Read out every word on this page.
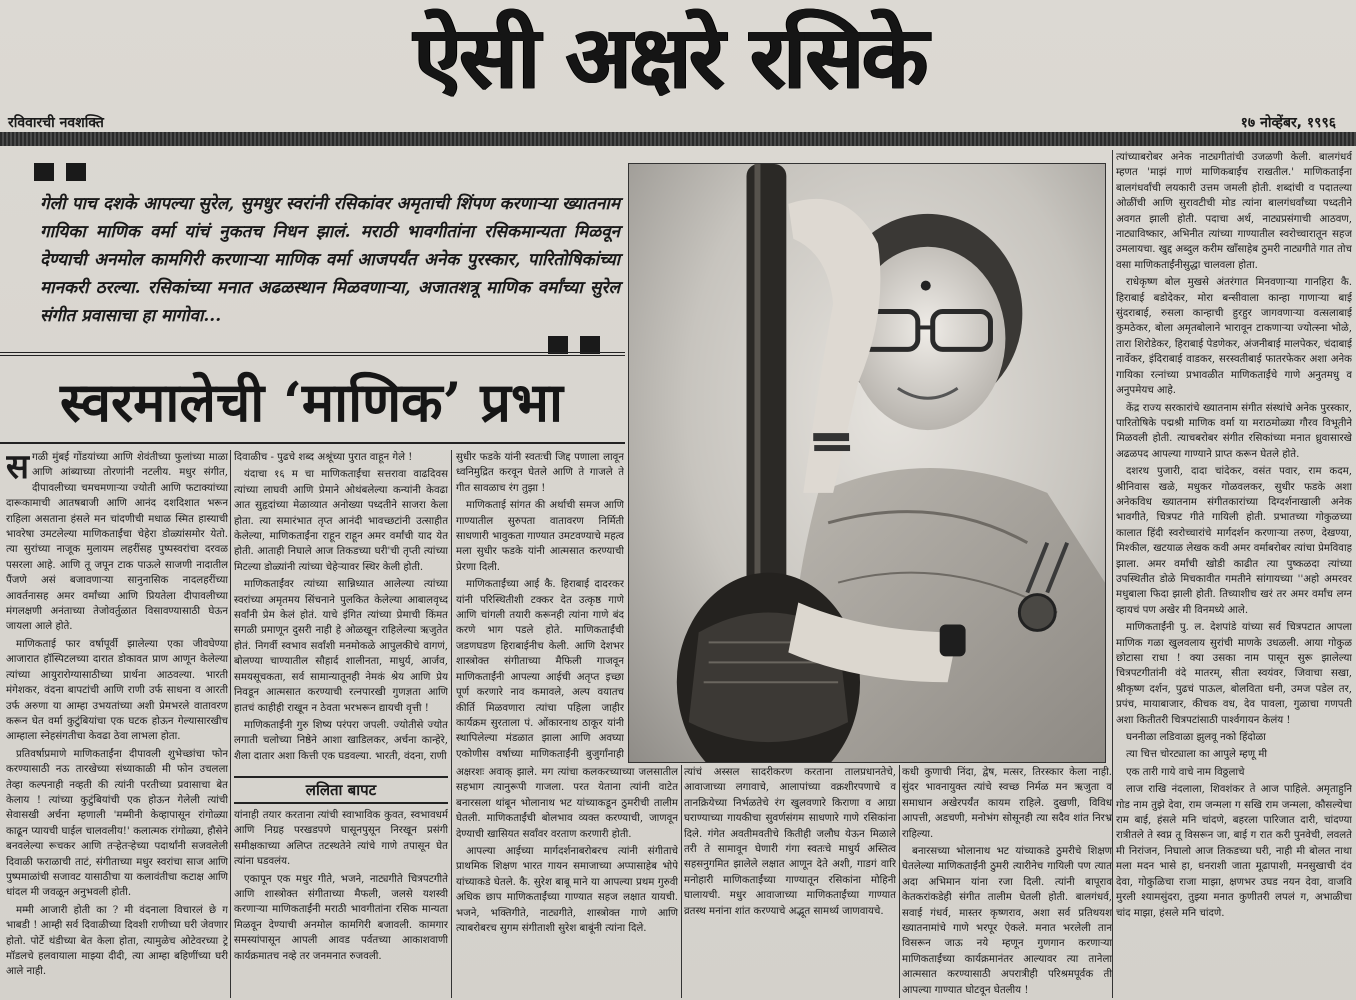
ऐसी अक्षरे रसिके
रविवारची नवशक्ति	१७ नोव्हेंबर, १९९६
गेली पाच दशके आपल्या सुरेल, सुमधुर स्वरांनी रसिकांवर अमृताची शिंपण करणाऱ्या ख्यातनाम गायिका माणिक वर्मा यांचं नुकतच निधन झालं. मराठी भावगीतांना रसिकमान्यता मिळवून देण्याची अनमोल कामगिरी करणाऱ्या माणिक वर्मा आजपर्यंत अनेक पुरस्कार, पारितोषिकांच्या मानकरी ठरल्या. रसिकांच्या मनात अढळस्थान मिळवणाऱ्या, अजातशत्रू माणिक वर्मांच्या सुरेल संगीत प्रवासाचा हा मागोवा...
स्वरमालेची ‘माणिक’ प्रभा
स गळी मुंबई गोंडयांच्या आणि शेवंतीच्या फुलांच्या माळा आणि आंब्याच्या तोरणांनी नटलीय. मधुर संगीत, दीपावलीच्या चमचमणाऱ्या ज्योती आणि फटाक्यांच्या दारूकामाची आतषबाजी आणि आनंद दशदिशात भरून राहिला असताना हंसले मन चांदणीची मधाळ स्मित हास्याची भावरेषा उमटलेल्या माणिकताईंचा चेहेरा डोळ्यांसमोर येतो. त्या सुरांच्या नाजूक मुलायम लहरींसह पुष्पस्वरांचा दरवळ पसरला आहे. आणि तू जपून टाक पाऊले साजणी नादातील पैंजणे असं बजावणाऱ्या सानुनासिक नादलहरींच्या आवर्तनासह अमर वर्मांच्या आणि प्रियतेला दीपावलीच्या मंगलक्षणी अनंताच्या तेजोवर्तुळात विसावण्यासाठी घेऊन जायला आले होते.

माणिकताई फार वर्षापूर्वी झालेल्या एका जीवघेण्या आजारात हॉस्पिटलच्या दारात डोकावत प्राण आणून केलेल्या त्यांच्या आयुरारोग्यासाठीच्या प्रार्थना आठवल्या. भारती मंगेशकर, वंदना बापटांची आणि राणी उर्फ साधना व आरती उर्फ अरुणा या आम्हा उभयतांच्या अशी प्रेमभरले वातावरण करून घेत वर्मा कुटुंबियांचा एक घटक होऊन गेल्यासारखीच आम्हाला स्नेहसंगतीचा केवढा ठेवा लाभला होता.

प्रतिवर्षाप्रमाणे माणिकताईंना दीपावली शुभेच्छांचा फोन करण्यासाठी नऊ तारखेच्या संध्याकाळी मी फोन उचलला तेव्हा कल्पनाही नव्हती की त्यांनी परतीच्या प्रवासाचा बेत केलाय ! त्यांच्या कुटुंबियांची एक होऊन गेलेली त्यांची सेवासखी अर्चना म्हणाली 'मम्मीनी केव्हापासून रांगोळ्या काढून प्यायची घाईल चालवलीय!' कलात्मक रांगोळ्या, हौसेने बनवलेल्या रूचकर आणि तऱ्हेतऱ्हेच्या पदार्थांनी सजवलेली दिवाळी फराळाची ताटं, संगीताच्या मधुर स्वरांचा साज आणि पुष्पमाळांची सजावट यासाठीचा या कलावंतीचा कटाक्ष आणि धांदल मी जवळून अनुभवली होती.

मम्मी आजारी होती का ? मी वंदनाला विचारलं छे ग भाबडी ! आम्ही सर्व दिवाळीच्या दिवशी राणीच्या घरी जेवणार होतो. पोर्टे थंडीच्या बेत केला होता, त्यामुळेच ओटेवरच्या ट्रे मॉडलचे हलवायाला माझ्या दीदी, त्या आम्हा बहिणींच्या घरी आले नाही.

दिवाळीच - पुढचे शब्द अश्रूंच्या पुरात वाहून गेले !

यंदाचा १६ म चा माणिकताईंचा सत्तरावा वाढदिवस त्यांच्या लाघवी आणि प्रेमाने ओथंबलेल्या कन्यांनी केवढा आत सुहृदांच्या मेळाव्यात अनोख्या पध्दतीने साजरा केला होता. त्या समारंभात तृप्त आनंदी भावच्छटांनी उत्साहीत केलेल्या, माणिकताईंना राहून राहून अमर वर्मांची याद येत होती. आताही निघाले आज तिकडच्या घरी'ची तृप्ती त्यांच्या मिटल्या डोळ्यांनी त्यांच्या चेहेऱ्यावर स्थिर केली होती.

माणिकताईंवर त्यांच्या सान्निध्यात आलेल्या त्यांच्या स्वरांच्या अमृतमय सिंचनाने पुलकित केलेल्या आबालवृध्द सर्वांनी प्रेम केलं होतं. याचे इंगित त्यांच्या प्रेमाची किंमत सगळी प्रमाणून दुसरी नाही हे ओळखून राहिलेल्या ऋजुतेत होतं. निगर्वी स्वभाव सर्वांशी मनमोकळे आपुलकीचे वागणं, बोलण्या चाण्यातील सौहार्द शालीनता, माधुर्य, आर्जव, समयसूचकता, सर्व सामान्यातूनही नेमकं श्रेय आणि प्रेय निवडून आत्मसात करण्याची रत्नपारखी गुणज्ञता आणि हातचं काहीही राखून न ठेवता भरभरून द्यायची वृत्ती !

माणिकताईंनी गुरु शिष्य परंपरा जपली. ज्योतीसे ज्योत लगाती चलोच्या निष्ठेने आशा खाडिलकर, अर्चना कान्हेरे, शैला दातार अशा कित्ती एक घडवल्या. भारती, वंदना, राणी

ललिता बापट

यांनाही तयार करताना त्यांची स्वाभाविक कुवत, स्वभावधर्म आणि निग्रह परखडपणे घासूनपुसून निरखून प्रसंगी समीक्षकाच्या अलिप्त तटस्थतेने त्यांचे गाणे तपासून घेत त्यांना घडवलंय.

एकापून एक मधुर गीते, भजने, नाट्यगीते चित्रपटगीते आणि शास्त्रोक्त संगीताच्या मैफली, जलसे यशस्वी करणाऱ्या माणिकताईंनी मराठी भावगीतांना रसिक मान्यता मिळवून देण्याची अनमोल कामगिरी बजावली. कामगार समस्यांपासून आपली आवड पर्वतच्या आकाशवाणी कार्यक्रमातच नव्हे तर जनमनात रुजवली.

सुधीर फडके यांनी स्वतःची जिद्द पणाला लावून ध्वनिमुद्रित करवून घेतले आणि ते गाजले ते गीत सावळाच रंग तुझा !

माणिकताई सांगत की अर्थाची समज आणि गाण्यातील सुरुपता वातावरण निर्मिती साधणारी भावुकता गाण्यात उमटवण्याचे महत्व मला सुधीर फडके यांनी आत्मसात करण्याची प्रेरणा दिली.

माणिकताईंच्या आई कै. हिराबाई दादरकर यांनी परिस्थितीशी टक्कर देत उत्कृष्ठ गाणे आणि चांगली तयारी करूनही त्यांना गाणे बंद करणे भाग पडले होते. माणिकताईंची जडणघडण हिराबाईनीच केली. आणि देशभर शास्त्रोक्त संगीताच्या मैफिली गाजवून माणिकताईंनी आपल्या आईची अतृप्त इच्छा पूर्ण करणारे नाव कमावले, अल्प वयातच कीर्ति मिळवणारा त्यांचा पहिला जाहीर कार्यक्रम सुरताला पं. ओंकारनाथ ठाकूर यांनी स्थापिलेल्या मंडळात झाला आणि अवघ्या एकोणीस वर्षाच्या माणिकताईंनी बुजुर्गांनाही

अक्षरशः अवाक् झाले. मग त्यांचा कलकरच्याच्या जलसातील सहभाग त्यानुरूपी गाजला. परत येताना त्यांनी वाटेत बनारसला थांबून भोलानाथ भट यांच्याकडून ठुमरीची तालीम घेतली. माणिकताईंची बोलभाव व्यक्त करण्याची, जाणवून देण्याची खासियत सर्वांवर वरताण करणारी होती.

आपल्या आईच्या मार्गदर्शनाबरोबरच त्यांनी संगीताचे प्राथमिक शिक्षण भारत गायन समाजाच्या अप्पासाहेब भोपे यांच्याकडे घेतले. कै. सुरेश बाबू माने या आपल्या प्रथम गुरुवी अधिक छाप माणिकताईंच्या गाण्यात सहज लक्षात यायची. भजने, भक्तिगीते, नाट्यगीते, शास्त्रोक्त गाणे आणि त्याबरोबरच सुगम संगीताशी सुरेश बाबूंनी त्यांना दिले.

त्यांचं अस्सल सादरीकरण करताना तालप्रधानतेचे, आवाजाच्या लगावाचे, आलापांच्या वक्रशीरपणाचे व तानक्रियेच्या निर्भळतेचे रंग खुलवणारे किराणा व आग्रा घराण्याच्या गायकीचा सुवर्णसंगम साधणारे गाणे रसिकांना दिले. गंगेत अवतीमवतीचे कितीही जलौघ येऊन मिळाले तरी ते सामावून घेणारी गंगा स्वतःचे माधुर्य अस्तित्व सहसनुगमित झालेले लक्षात आणून देते अशी, गाडगं वारि मनोहारी माणिकताईंच्या गाण्यातून रसिकांना मोहिनी घालायची. मधुर आवाजाच्या माणिकताईंच्या गाण्यात व्रतस्थ मनांना शांत करण्याचे अद्भूत सामर्थ्य जाणवायचे.

कधी कुणाची निंदा, द्वेष, मत्सर, तिरस्कार केला नाही. सुंदर भावनायुक्त त्यांचे स्वच्छ निर्मळ मन ऋजुता व समाधान अखेरपर्यंत कायम राहिले. दुखणी, विविध आपत्ती, अडचणी, मनोभंग सोसूनही त्या सदैव शांत निरभ्र राहिल्या.

बनारसच्या भोलानाथ भट यांच्याकडे ठुमरीचे शिक्षण घेतलेल्या माणिकताईंनी ठुमरी त्यारीनेच गायिली पण त्यात अदा अभिमान यांना रजा दिली. त्यांनी बापूराव केतकरांकडेही संगीत तालीम घेतली होती. बालगंधर्व, सवाई गंधर्व, मास्तर कृष्णराव, अशा सर्व प्रतिथयश ख्यातनामांचे गाणे भरपूर ऐकले. मनात भरलेली तान विसरून जाऊ नये म्हणून गुणगान करणाऱ्या माणिकताईंच्या कार्यक्रमानंतर आल्यावर त्या तानेला आत्मसात करण्यासाठी अपरात्रीही परिश्रमपूर्वक ती आपल्या गाण्यात घोटवून घेतलीय !

त्यांच्याबरोबर अनेक नाट्यगीतांची उजळणी केली. बालगंधर्व म्हणत 'माझं गाणं माणिकबाईंच राखतील.' माणिकताईंना बालगंधर्वांची लयकारी उत्तम जमली होती. शब्दांची व पदातल्या ओळींची आणि सुरावटीची मोड त्यांना बालगंधर्वांच्या पध्दतीने अवगत झाली होती. पदाचा अर्थ, नाट्यप्रसंगाची आठवण, नाट्याविष्कार, अभिनीत त्यांच्या गाण्यातील स्वरोच्चारातून सहज उमलायचा. खुद्द अब्दुल करीम खाँसाहेब ठुमरी नाट्यगीते गात तोच वसा माणिकताईंनीसुद्धा चालवला होता.

राधेकृष्ण बोल मुखसे अंतरंगात मिनवणाऱ्या गानहिरा कै. हिराबाई बडोदेकर, मोरा बन्सीवाला कान्हा गाणाऱ्या बाई सुंदराबाई, रुसला कान्हाची हुरहुर जागवणाऱ्या वत्सलाबाई कुमठेकर, बोला अमृतबोलाने भारावून टाकणाऱ्या ज्योत्स्ना भोळे, तारा शिरोडेकर, हिराबाई पेडणेकर, अंजनीबाई मालपेकर, चंदाबाई नार्वेकर, इंदिराबाई वाडकर, सरस्वतीबाई फातरफेकर अशा अनेक गायिका रत्नांच्या प्रभावळीत माणिकताईंचे गाणे अनुतमधु व अनुपमेयच आहे.

केंद्र राज्य सरकारांचे ख्यातनाम संगीत संस्थांचे अनेक पुरस्कार, पारितोषिके पद्मश्री माणिक वर्मा या मराठमोळ्या गौरव विभूतीने मिळवली होती. त्याचबरोबर संगीत रसिकांच्या मनात ध्रुवासारखे अढळपद आपल्या गाण्याने प्राप्त करून घेतले होते.

दशरथ पुजारी, दादा चांदेकर, वसंत पवार, राम कदम, श्रीनिवास खळे, मधुकर गोळवलकर, सुधीर फडके अशा अनेकविध ख्यातनाम संगीतकारांच्या दिग्दर्शनाखाली अनेक भावगीते, चित्रपट गीते गायिली होती. प्रभातच्या गोकुळच्या कालात हिंदी स्वरोच्चारांचे मार्गदर्शन करणाऱ्या तरुण, देखण्या, मिश्कील, खटयाळ लेखक कवी अमर वर्माबरोबर त्यांचा प्रेमविवाह झाला. अमर वर्मांची खोडी काढीत त्या पुष्कळदा त्यांच्या उपस्थितीत डोळे मिचकावीत गमतीने सांगायच्या ''अहो अमरवर मधुबाला फिदा झाली होती. तिच्याशीच खरं तर अमर वर्मांच लग्न व्हायचं पण अखेर मी विनमध्ये आले.

माणिकताईंनी पु. ल. देशपांडे यांच्या सर्व चित्रपटात आपला माणिक गळा खुलवलाय सुरांची माणके उधळली. आया गोकुळ छोटासा राधा ! क्या उसका नाम पासून सुरू झालेल्या चित्रपटगीतांनी वंदे मातरम्, सीता स्वयंवर, जिवाचा सखा, श्रीकृष्ण दर्शन, पुढचं पाऊल, बोलविता धनी, उमज पडेल तर, प्रपंच, मायाबाजार, कीचक वध, देव पावला, गुळाचा गणपती अशा कितीतरी चित्रपटांसाठी पार्श्वगायन केलंय !

घननीळा लडिवाळा झुलवू नको हिंदोळा

त्या चित्त चोरट्याला का आपुले म्हणू मी

एक तारी गाये वाचे नाम विठ्ठलाचे

लाज राखि नंदलाला, शिवशंकर ते आज पाहिले. अमृताहुनि गोड नाम तुझे देवा, राम जन्मला ग सखि राम जन्मला, कौसल्येचा राम बाई, हंसले मनि चांदणे, बहरला पारिजात दारी, चांदण्या रात्रीतले ते स्वप्न तू विसरून जा, बाई ग रात करी पुनवेची, लवलते मी निरांजन, निघालो आज तिकडच्या घरी, नाही मी बोलत नाथा मला मदन भासे हा, धनराशी जाता मूढापाशी, मनसुखाची दंव देवा, गोकुळिचा राजा माझा, क्षणभर उघड नयन देवा, वाजवि मुरली श्यामसुंदरा, तुझ्या मनात कुणीतरी लपलं ग, अभाळीचा चांद माझा, हंसले मनि चांदणे.
